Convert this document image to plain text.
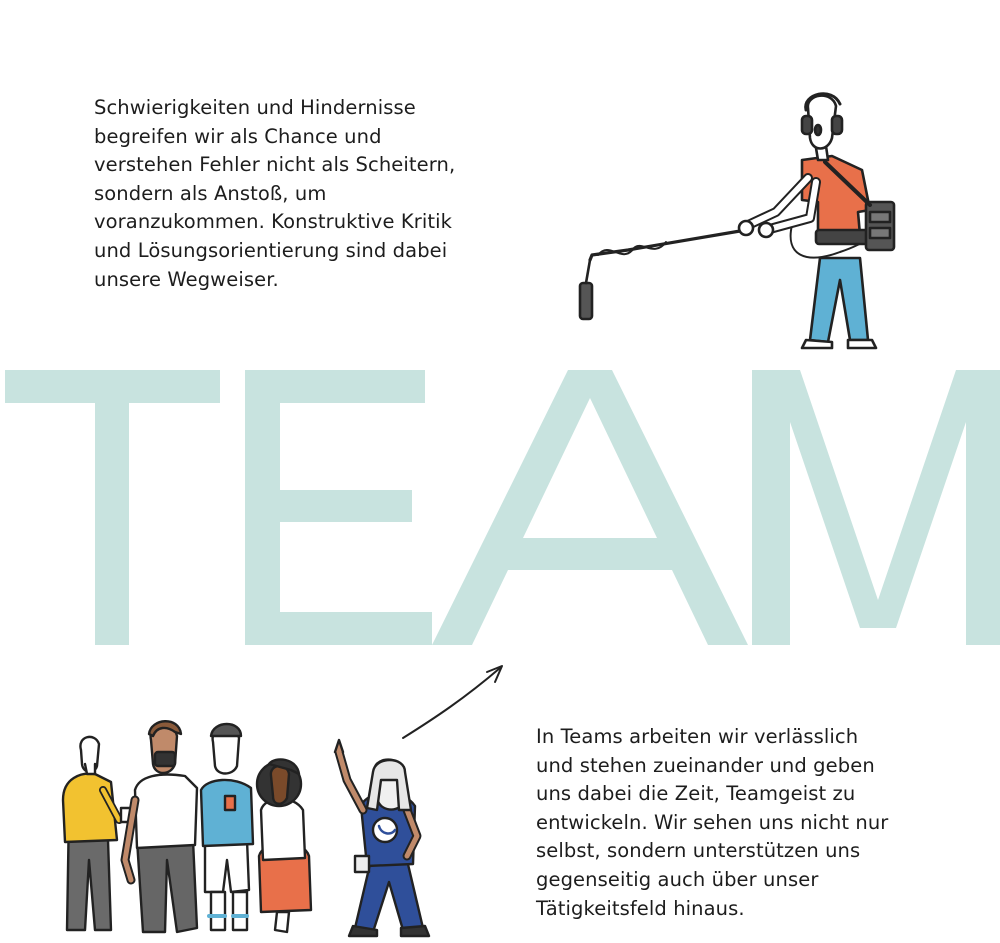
Schwierigkeiten und Hindernisse
begreifen wir als Chance und
verstehen Fehler nicht als Scheitern,
sondern als Anstoß, um
voranzukommen. Konstruktive Kritik
und Lösungsorientierung sind dabei
unsere Wegweiser.

In Teams arbeiten wir verlässlich
und stehen zueinander und geben
uns dabei die Zeit, Teamgeist zu
entwickeln. Wir sehen uns nicht nur
selbst, sondern unterstützen uns
gegenseitig auch über unser
Tätigkeitsfeld hinaus.
